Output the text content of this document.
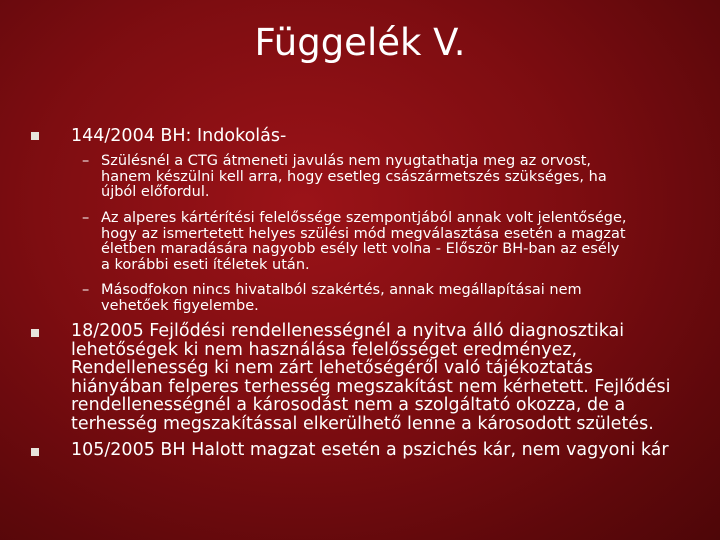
Függelék V.
144/2004 BH: Indokolás-
– Szülésnél a CTG átmeneti javulás nem nyugtathatja meg az orvost,
hanem készülni kell arra, hogy esetleg császármetszés szükséges, ha
újból előfordul.
– Az alperes kártérítési felelőssége szempontjából annak volt jelentősége,
hogy az ismertetett helyes szülési mód megválasztása esetén a magzat
életben maradására nagyobb esély lett volna - Először BH-ban az esély
a korábbi eseti ítéletek után.
– Másodfokon nincs hivatalból szakértés, annak megállapításai nem
vehetőek figyelembe.
18/2005 Fejlődési rendellenességnél a nyitva álló diagnosztikai
lehetőségek ki nem használása felelősséget eredményez,
Rendellenesség ki nem zárt lehetőségéről való tájékoztatás
hiányában felperes terhesség megszakítást nem kérhetett. Fejlődési
rendellenességnél a károsodást nem a szolgáltató okozza, de a
terhesség megszakítással elkerülhető lenne a károsodott születés.
105/2005 BH Halott magzat esetén a pszichés kár, nem vagyoni kár
